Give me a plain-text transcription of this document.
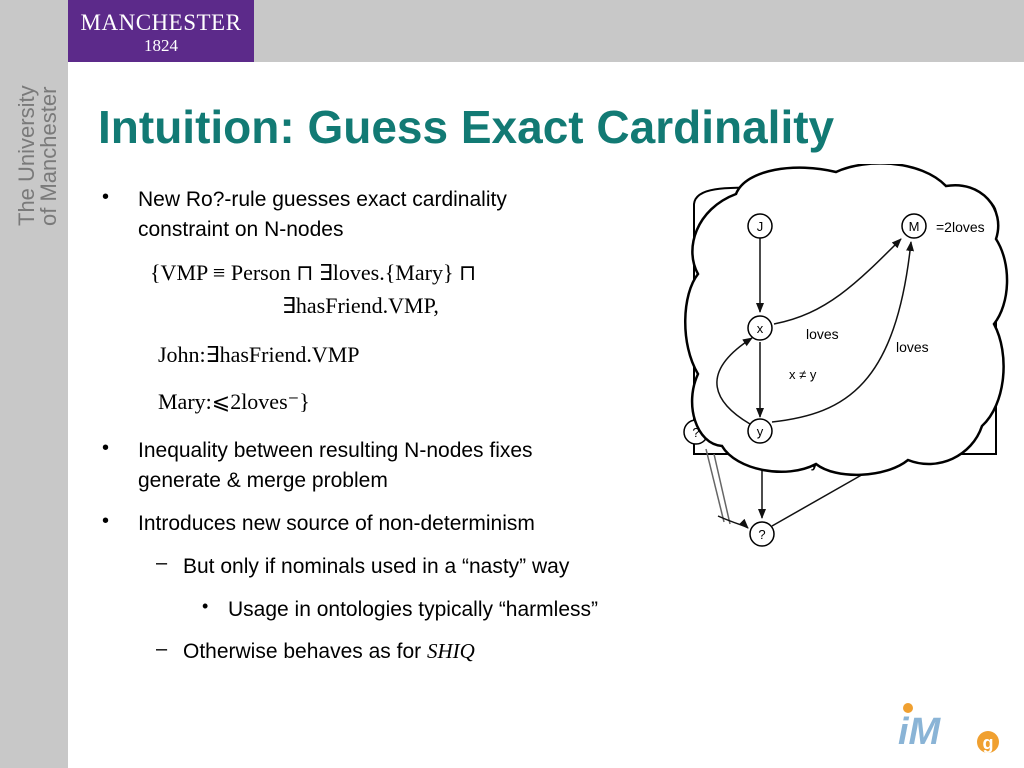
MANCHESTER
1824
The University
of Manchester Intuition: Guess Exact Cardinality
• New Ro?-rule guesses exact cardinality
constraint on N-nodes
{VMP ≡ Person ⊓ ∃loves.{Mary} ⊓
∃hasFriend.VMP,
John:∃hasFriend.VMP
Mary:⩽2loves⁻}
• Inequality between resulting N-nodes fixes
generate & merge problem
• Introduces new source of non-determinism
– But only if nominals used in a “nasty” way
• Usage in ontologies typically “harmless”
– Otherwise behaves as for SHIQ
?
?
J	M
x
y
=2loves
loves
loves
x ≠ y
iM g
